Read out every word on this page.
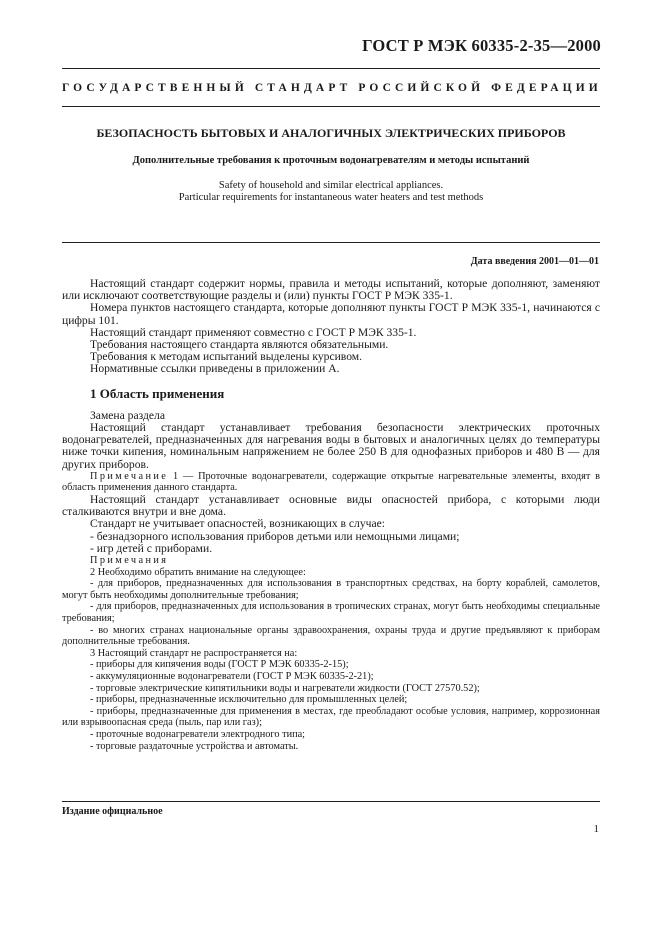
ГОСТ Р МЭК 60335-2-35—2000
ГОСУДАРСТВЕННЫЙ СТАНДАРТ РОССИЙСКОЙ ФЕДЕРАЦИИ
БЕЗОПАСНОСТЬ БЫТОВЫХ И АНАЛОГИЧНЫХ ЭЛЕКТРИЧЕСКИХ ПРИБОРОВ
Дополнительные требования к проточным водонагревателям и методы испытаний
Safety of household and similar electrical appliances.
Particular requirements for instantaneous water heaters and test methods
Дата введения 2001—01—01

Настоящий стандарт содержит нормы, правила и методы испытаний, которые дополняют, заменяют или исключают соответствующие разделы и (или) пункты ГОСТ Р МЭК 335-1.

Номера пунктов настоящего стандарта, которые дополняют пункты ГОСТ Р МЭК 335-1, начинаются с цифры 101.

Настоящий стандарт применяют совместно с ГОСТ Р МЭК 335-1.

Требования настоящего стандарта являются обязательными.

Требования к методам испытаний выделены курсивом.

Нормативные ссылки приведены в приложении А.

1 Область применения

Замена раздела

Настоящий стандарт устанавливает требования безопасности электрических проточных водонагревателей, предназначенных для нагревания воды в бытовых и аналогичных целях до температуры ниже точки кипения, номинальным напряжением не более 250 В для однофазных приборов и 480 В — для других приборов.

Примечание 1 — Проточные водонагреватели, содержащие открытые нагревательные элементы, входят в область применения данного стандарта.

Настоящий стандарт устанавливает основные виды опасностей прибора, с которыми люди сталкиваются внутри и вне дома.

Стандарт не учитывает опасностей, возникающих в случае:

- безнадзорного использования приборов детьми или немощными лицами;

- игр детей с приборами.

Примечания

2 Необходимо обратить внимание на следующее:

- для приборов, предназначенных для использования в транспортных средствах, на борту кораблей, самолетов, могут быть необходимы дополнительные требования;

- для приборов, предназначенных для использования в тропических странах, могут быть необходимы специальные требования;

- во многих странах национальные органы здравоохранения, охраны труда и другие предъявляют к приборам дополнительные требования.

3 Настоящий стандарт не распространяется на:

- приборы для кипячения воды (ГОСТ Р МЭК 60335-2-15);

- аккумуляционные водонагреватели (ГОСТ Р МЭК 60335-2-21);

- торговые электрические кипятильники воды и нагреватели жидкости (ГОСТ 27570.52);

- приборы, предназначенные исключительно для промышленных целей;

- приборы, предназначенные для применения в местах, где преобладают особые условия, например, коррозионная или взрывоопасная среда (пыль, пар или газ);

- проточные водонагреватели электродного типа;

- торговые раздаточные устройства и автоматы.

Издание официальное
1
